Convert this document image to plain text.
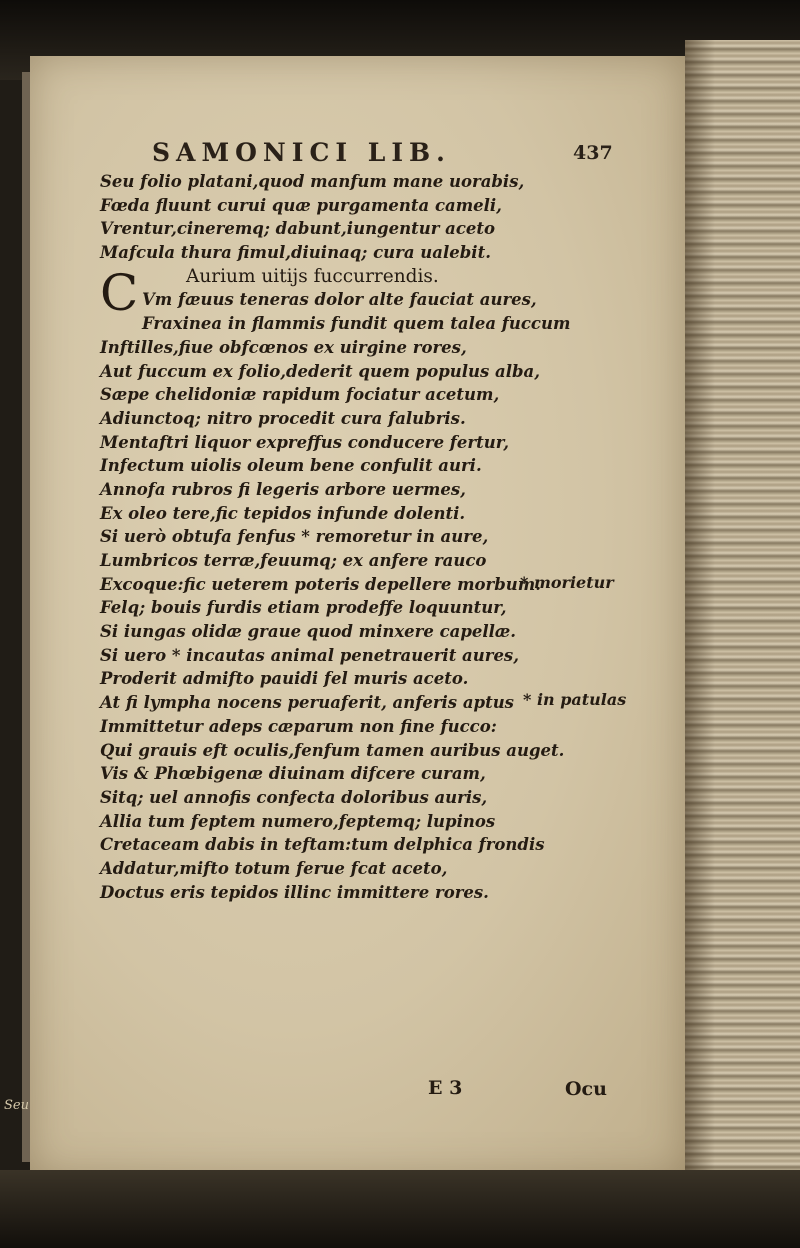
SAMONICI LIB.	437
C
Seu folio platani,quod manfum mane uorabis,
Fœda fluunt curui quæ purgamenta cameli,
Vrentur,cineremq; dabunt,iungentur aceto
Mafcula thura fimul,diuinaq; cura ualebit.
Aurium uitijs fuccurrendis.
Vm fæuus teneras dolor alte fauciat aures,
Fraxinea in flammis fundit quem talea fuccum
Inftilles,fiue obfcœnos ex uirgine rores,
Aut fuccum ex folio,dederit quem populus alba,
Sæpe chelidoniæ rapidum fociatur acetum,
Adiunctoq; nitro procedit cura falubris.
Mentaftri liquor expreffus conducere fertur,
Infectum uiolis oleum bene confulit auri.
Annofa rubros fi legeris arbore uermes,
Ex oleo tere,fic tepidos infunde dolenti.
Si uerò obtufa fenfus * remoretur in aure,
Lumbricos terræ,feuumq; ex anfere rauco
Excoque:fic ueterem poteris depellere morbum.
Felq; bouis furdis etiam prodeffe loquuntur,
Si iungas olidæ graue quod minxere capellæ.
Si uero * incautas animal penetrauerit aures,
Proderit admifto pauidi fel muris aceto.
At fi lympha nocens peruaferit, anferis aptus
Immittetur adeps cæparum non fine fucco:
Qui grauis eft oculis,fenfum tamen auribus auget.
Vis & Phœbigenæ diuinam difcere curam,
Sitq; uel annofis confecta doloribus auris,
Allia tum feptem numero,feptemq; lupinos
Cretaceam dabis in teftam:tum delphica frondis
Addatur,mifto totum ferue fcat aceto,
Doctus eris tepidos illinc immittere rores.
* morietur
* in patulas
E 3	Ocu
Seu
